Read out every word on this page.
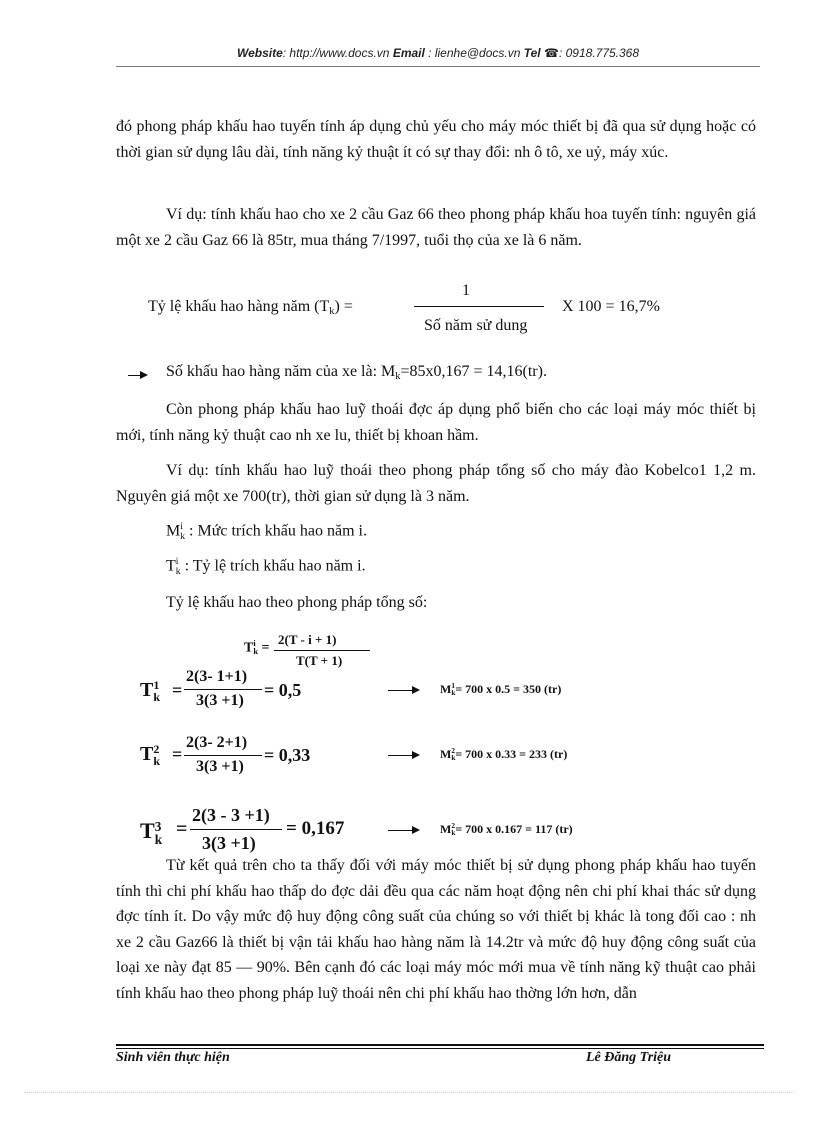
Website: http://www.docs.vn Email : lienhe@docs.vn Tel ☎: 0918.775.368
đó phong pháp khấu hao tuyến tính áp dụng chủ yếu cho máy móc thiết bị đã qua sử dụng hoặc có thời gian sử dụng lâu dài, tính năng kỷ thuật ít có sự thay đổi: nh ô tô, xe uỷ, máy xúc.
Ví dụ: tính khấu hao cho xe 2 cầu Gaz 66 theo phong pháp khấu hoa tuyến tính: nguyên giá một xe 2 cầu Gaz 66 là 85tr, mua tháng 7/1997, tuổi thọ của xe là 6 năm.
Tỷ lệ khấu hao hàng năm $(T_k)$ =
1
Số năm sử dung
X 100 = 16,7%
Số khấu hao hàng năm của xe là: $M_k=85x0,167 = 14,16(tr)$.
Còn phong pháp khấu hao luỹ thoái đợc áp dụng phổ biến cho các loại máy móc thiết bị mới, tính năng kỷ thuật cao nh xe lu, thiết bị khoan hầm.
Ví dụ: tính khấu hao luỹ thoái theo phong pháp tổng số cho máy đào Kobelco1 1,2 m. Nguyên giá một xe 700(tr), thời gian sử dụng là 3 năm.
M i
k : Mức trích khấu hao năm i.
T i
k : Tỷ lệ trích khấu hao năm i.
Tỷ lệ khấu hao theo phong pháp tổng số:
T i
k =
2(T - i + 1)
T(T + 1)
T 1
k =
2(3- 1+1)
3(3 +1)
= 0,5	M 1
k = 700 x 0.5 = 350 (tr)
T 2
k =
2(3- 2+1)
3(3 +1)
= 0,33	M 2
k = 700 x 0.33 = 233 (tr)
T 3
k =
2(3 - 3 +1)
3(3 +1)
= 0,167	M 2
k = 700 x 0.167 = 117 (tr)
Từ kết quả trên cho ta thấy đối với máy móc thiết bị sử dụng phong pháp khấu hao tuyến tính thì chi phí khấu hao thấp do đợc dải đều qua các năm hoạt động nên chi phí khai thác sử dụng đợc tính ít. Do vậy mức độ huy động công suất của chúng so với thiết bị khác là tong đối cao : nh xe 2 cầu Gaz66 là thiết bị vận tải khấu hao hàng năm là 14.2tr và mức độ huy động công suất của loại xe này đạt 85 — 90%. Bên cạnh đó các loại máy móc mới mua về tính năng kỹ thuật cao phải tính khấu hao theo phong pháp luỹ thoái nên chi phí khấu hao thờng lớn hơn, dẫn
Sinh viên thực hiện	Lê Đăng Triệu
